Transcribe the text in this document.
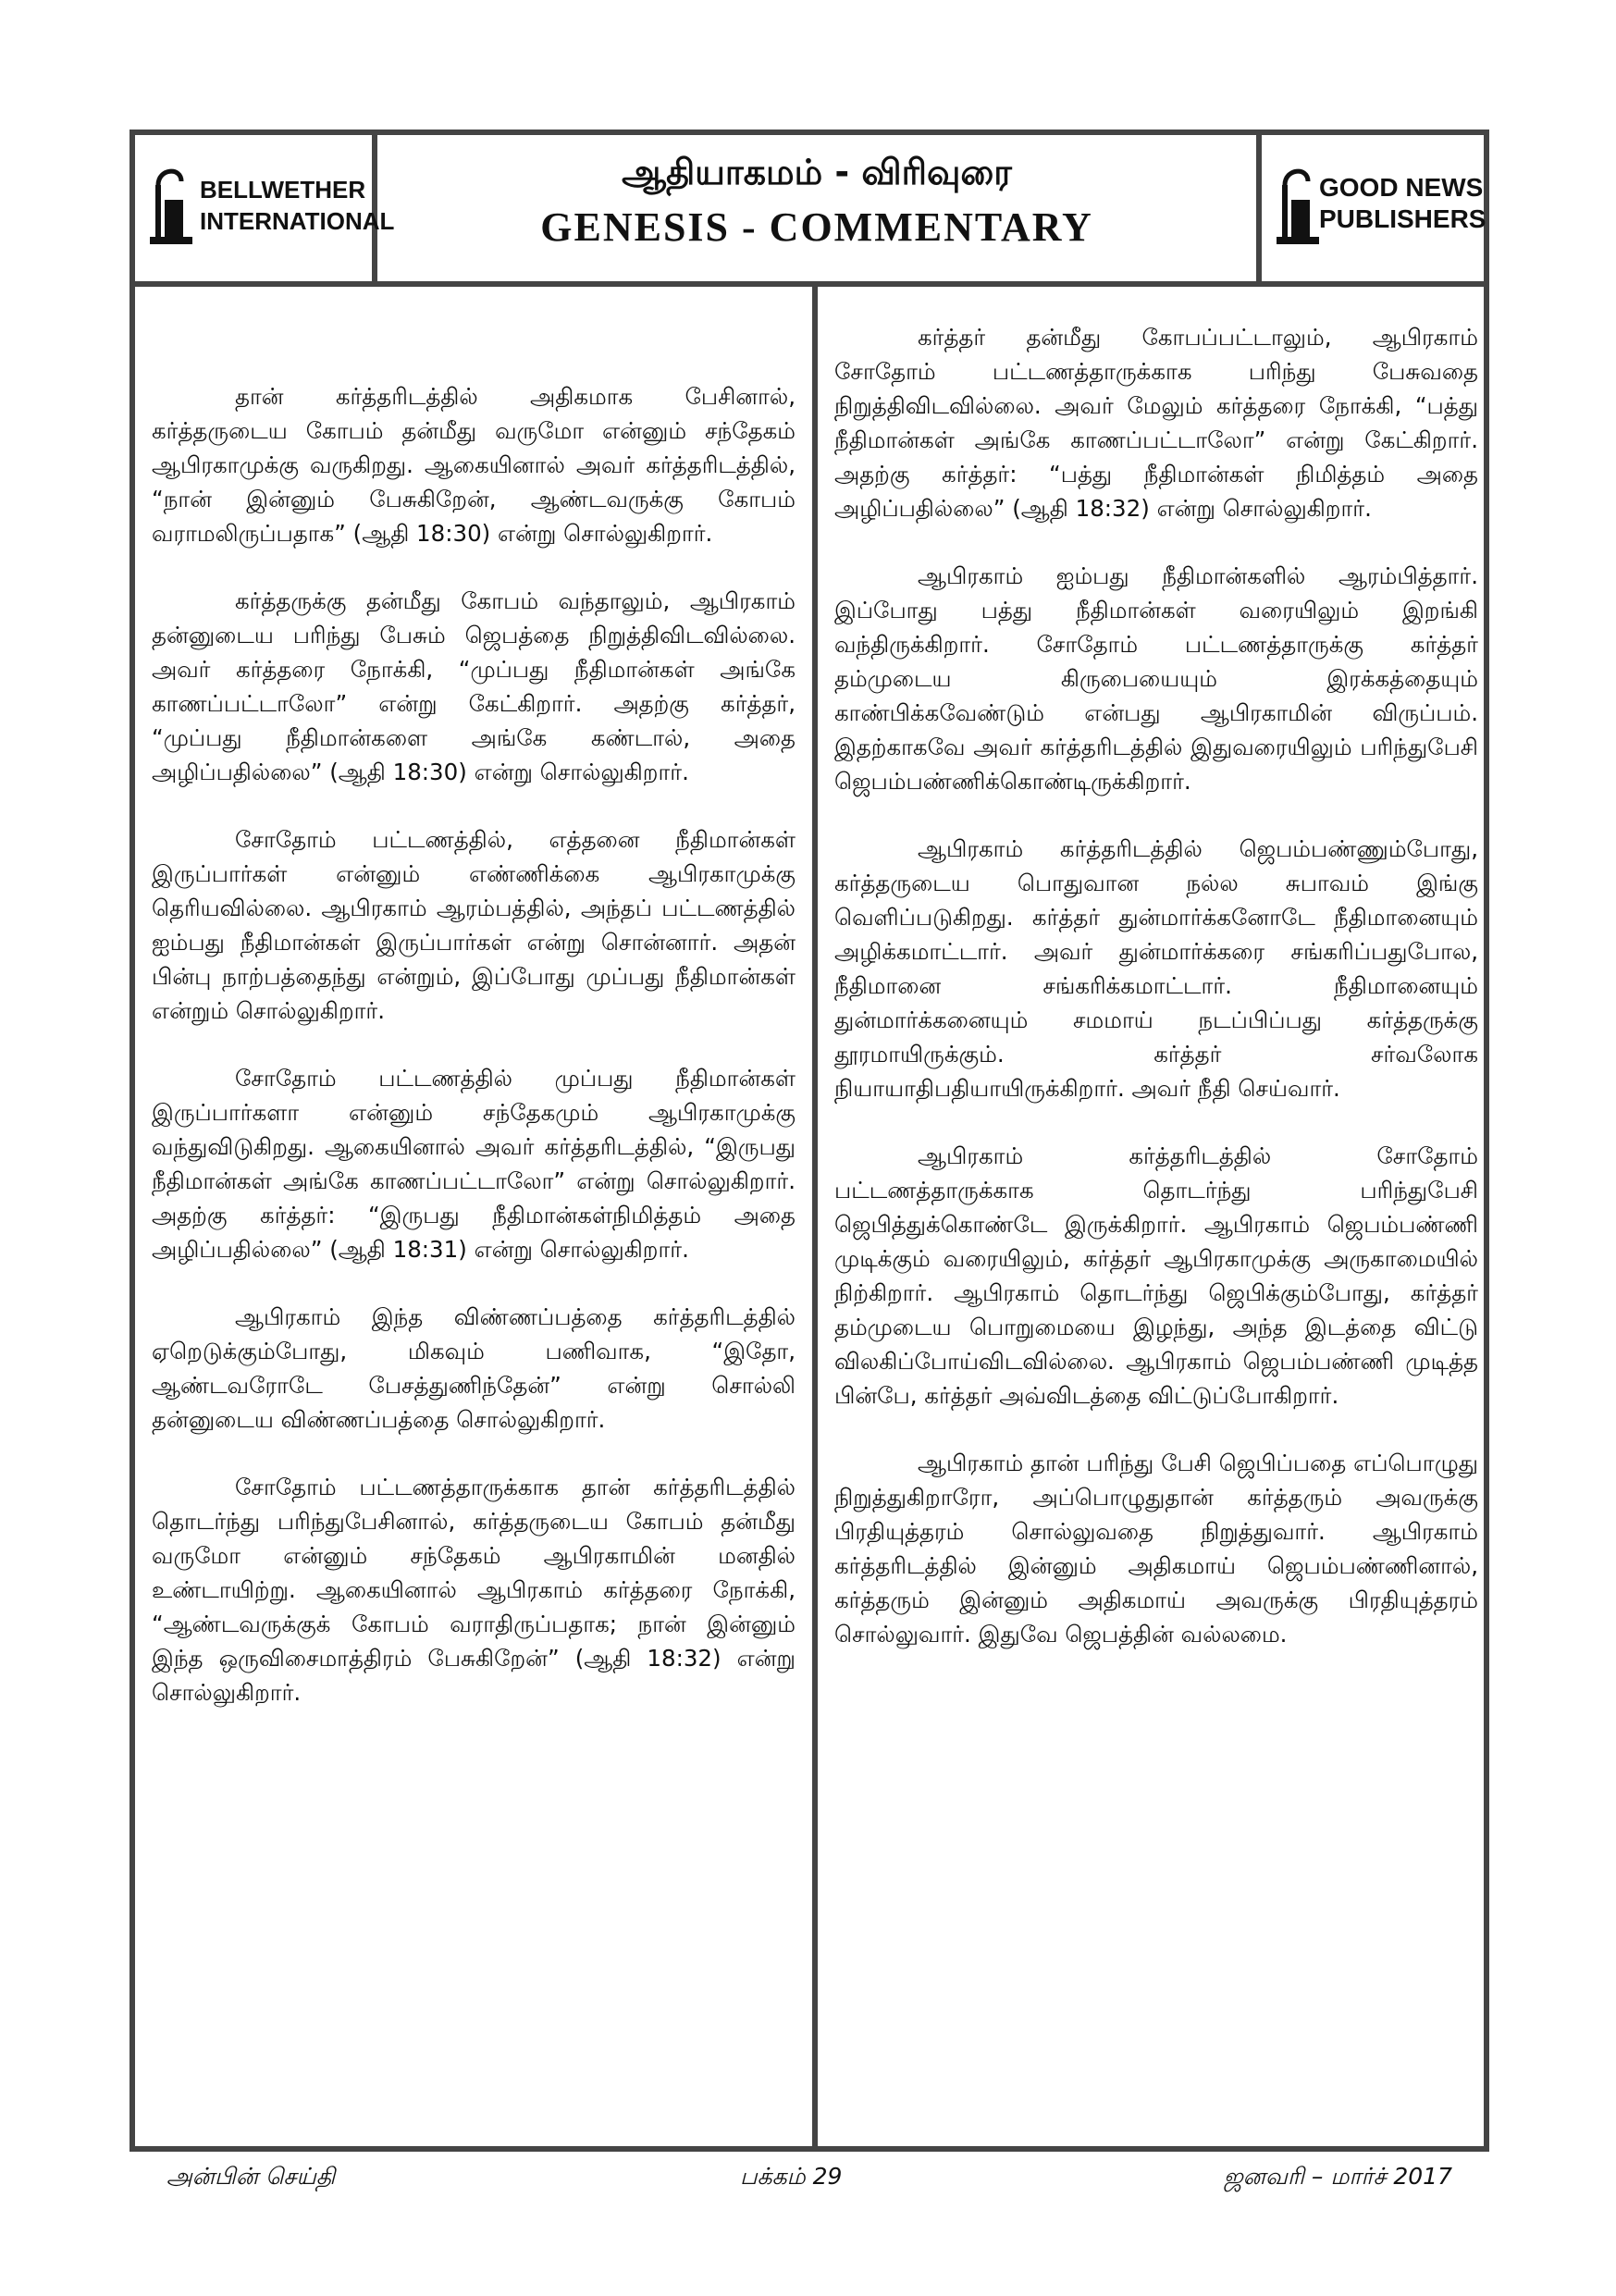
BELLWETHER
INTERNATIONAL
ஆதியாகமம் - விரிவுரை
GENESIS - COMMENTARY
GOOD NEWS
PUBLISHERS

தான் கர்த்தரிடத்தில் அதிகமாக பேசினால், கர்த்தருடைய கோபம் தன்மீது வருமோ என்னும் சந்தேகம் ஆபிரகாமுக்கு வருகிறது. ஆகையினால் அவர் கர்த்தரிடத்தில், “நான் இன்னும் பேசுகிறேன், ஆண்டவருக்கு கோபம் வராமலிருப்பதாக” (ஆதி 18:30) என்று சொல்லுகிறார்.

கர்த்தருக்கு தன்மீது கோபம் வந்தாலும், ஆபிரகாம் தன்னுடைய பரிந்து பேசும் ஜெபத்தை நிறுத்திவிடவில்லை. அவர் கர்த்தரை நோக்கி, “முப்பது நீதிமான்கள் அங்கே காணப்பட்டாலோ” என்று கேட்கிறார். அதற்கு கர்த்தர், “முப்பது நீதிமான்களை அங்கே கண்டால், அதை அழிப்பதில்லை” (ஆதி 18:30) என்று சொல்லுகிறார்.

சோதோம் பட்டணத்தில், எத்தனை நீதிமான்கள் இருப்பார்கள் என்னும் எண்ணிக்கை ஆபிரகாமுக்கு தெரியவில்லை. ஆபிரகாம் ஆரம்பத்தில், அந்தப் பட்டணத்தில் ஐம்பது நீதிமான்கள் இருப்பார்கள் என்று சொன்னார். அதன் பின்பு நாற்பத்தைந்து என்றும், இப்போது முப்பது நீதிமான்கள் என்றும் சொல்லுகிறார்.

சோதோம் பட்டணத்தில் முப்பது நீதிமான்கள் இருப்பார்களா என்னும் சந்தேகமும் ஆபிரகாமுக்கு வந்துவிடுகிறது. ஆகையினால் அவர் கர்த்தரிடத்தில், “இருபது நீதிமான்கள் அங்கே காணப்பட்டாலோ” என்று சொல்லுகிறார். அதற்கு கர்த்தர்: “இருபது நீதிமான்கள்நிமித்தம் அதை அழிப்பதில்லை” (ஆதி 18:31) என்று சொல்லுகிறார்.

ஆபிரகாம் இந்த விண்ணப்பத்தை கர்த்தரிடத்தில் ஏறெடுக்கும்போது, மிகவும் பணிவாக, “இதோ, ஆண்டவரோடே பேசத்துணிந்தேன்” என்று சொல்லி தன்னுடைய விண்ணப்பத்தை சொல்லுகிறார்.

சோதோம் பட்டணத்தாருக்காக தான் கர்த்தரிடத்தில் தொடர்ந்து பரிந்துபேசினால், கர்த்தருடைய கோபம் தன்மீது வருமோ என்னும் சந்தேகம் ஆபிரகாமின் மனதில் உண்டாயிற்று. ஆகையினால் ஆபிரகாம் கர்த்தரை நோக்கி, “ஆண்டவருக்குக் கோபம் வராதிருப்பதாக; நான் இன்னும் இந்த ஒருவிசைமாத்திரம் பேசுகிறேன்” (ஆதி 18:32) என்று சொல்லுகிறார்.

கர்த்தர் தன்மீது கோபப்பட்டாலும், ஆபிரகாம் சோதோம் பட்டணத்தாருக்காக பரிந்து பேசுவதை நிறுத்திவிடவில்லை. அவர் மேலும் கர்த்தரை நோக்கி, “பத்து நீதிமான்கள் அங்கே காணப்பட்டாலோ” என்று கேட்கிறார். அதற்கு கர்த்தர்: “பத்து நீதிமான்கள் நிமித்தம் அதை அழிப்பதில்லை” (ஆதி 18:32) என்று சொல்லுகிறார்.

ஆபிரகாம் ஐம்பது நீதிமான்களில் ஆரம்பித்தார். இப்போது பத்து நீதிமான்கள் வரையிலும் இறங்கி வந்திருக்கிறார். சோதோம் பட்டணத்தாருக்கு கர்த்தர் தம்முடைய கிருபையையும் இரக்கத்தையும் காண்பிக்கவேண்டும் என்பது ஆபிரகாமின் விருப்பம். இதற்காகவே அவர் கர்த்தரிடத்தில் இதுவரையிலும் பரிந்துபேசி ஜெபம்பண்ணிக்கொண்டிருக்கிறார்.

ஆபிரகாம் கர்த்தரிடத்தில் ஜெபம்பண்ணும்போது, கர்த்தருடைய பொதுவான நல்ல சுபாவம் இங்கு வெளிப்படுகிறது. கர்த்தர் துன்மார்க்கனோடே நீதிமானையும் அழிக்கமாட்டார். அவர் துன்மார்க்கரை சங்கரிப்பதுபோல, நீதிமானை சங்கரிக்கமாட்டார். நீதிமானையும் துன்மார்க்கனையும் சமமாய் நடப்பிப்பது கர்த்தருக்கு தூரமாயிருக்கும். கர்த்தர் சர்வலோக நியாயாதிபதியாயிருக்கிறார். அவர் நீதி செய்வார்.

ஆபிரகாம் கர்த்தரிடத்தில் சோதோம் பட்டணத்தாருக்காக தொடர்ந்து பரிந்துபேசி ஜெபித்துக்கொண்டே இருக்கிறார். ஆபிரகாம் ஜெபம்பண்ணி முடிக்கும் வரையிலும், கர்த்தர் ஆபிரகாமுக்கு அருகாமையில் நிற்கிறார். ஆபிரகாம் தொடர்ந்து ஜெபிக்கும்போது, கர்த்தர் தம்முடைய பொறுமையை இழந்து, அந்த இடத்தை விட்டு விலகிப்போய்விடவில்லை. ஆபிரகாம் ஜெபம்பண்ணி முடித்த பின்பே, கர்த்தர் அவ்விடத்தை விட்டுப்போகிறார்.

ஆபிரகாம் தான் பரிந்து பேசி ஜெபிப்பதை எப்பொழுது நிறுத்துகிறாரோ, அப்பொழுதுதான் கர்த்தரும் அவருக்கு பிரதியுத்தரம் சொல்லுவதை நிறுத்துவார். ஆபிரகாம் கர்த்தரிடத்தில் இன்னும் அதிகமாய் ஜெபம்பண்ணினால், கர்த்தரும் இன்னும் அதிகமாய் அவருக்கு பிரதியுத்தரம் சொல்லுவார். இதுவே ஜெபத்தின் வல்லமை.

அன்பின் செய்தி	பக்கம் 29	ஜனவரி – மார்ச் 2017
